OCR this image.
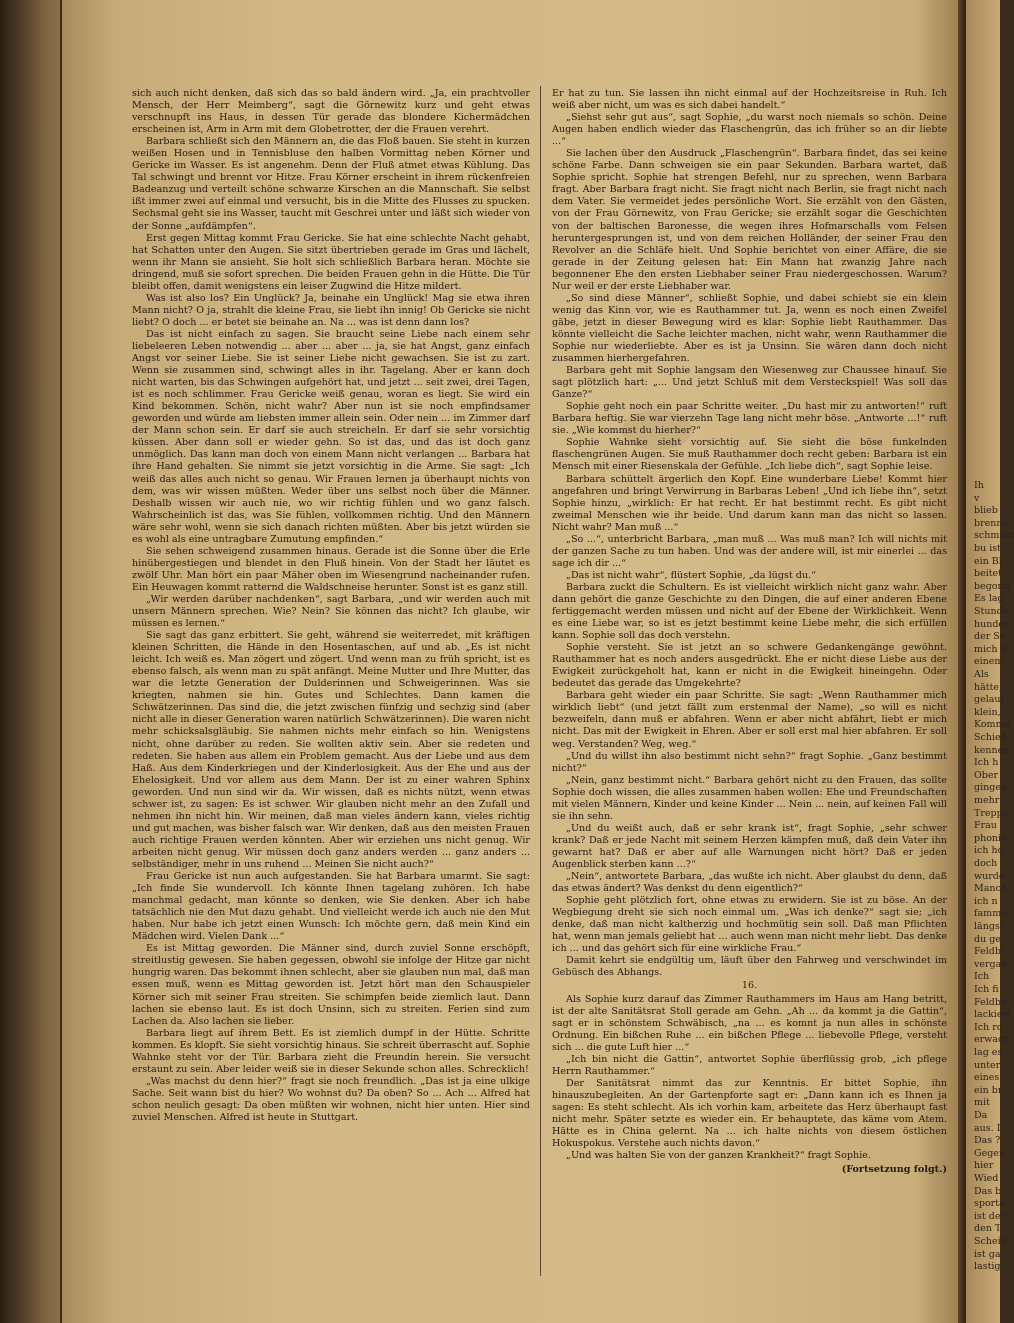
sich auch nicht denken, daß sich das so bald ändern wird. „Ja, ein prachtvoller Mensch, der Herr Meimberg“, sagt die Görnewitz kurz und geht etwas verschnupft ins Haus, in dessen Tür gerade das blondere Kichermädchen erscheinen ist, Arm in Arm mit dem Globetrotter, der die Frauen verehrt.

Barbara schließt sich den Männern an, die das Floß bauen. Sie steht in kurzen weißen Hosen und in Tennisbluse den halben Vormittag neben Körner und Gericke im Wasser. Es ist angenehm. Denn der Fluß atmet etwas Kühlung. Das Tal schwingt und brennt vor Hitze. Frau Körner erscheint in ihrem rückenfreien Badeanzug und verteilt schöne schwarze Kirschen an die Mannschaft. Sie selbst ißt immer zwei auf einmal und versucht, bis in die Mitte des Flusses zu spucken. Sechsmal geht sie ins Wasser, taucht mit Geschrei unter und läßt sich wieder von der Sonne „aufdämpfen“.

Erst gegen Mittag kommt Frau Gericke. Sie hat eine schlechte Nacht gehabt, hat Schatten unter den Augen. Sie sitzt übertrieben gerade im Gras und lächelt, wenn ihr Mann sie ansieht. Sie holt sich schließlich Barbara heran. Möchte sie dringend, muß sie sofort sprechen. Die beiden Frauen gehn in die Hütte. Die Tür bleibt offen, damit wenigstens ein leiser Zugwind die Hitze mildert.

Was ist also los? Ein Unglück? Ja, beinahe ein Unglück! Mag sie etwa ihren Mann nicht? O ja, strahlt die kleine Frau, sie liebt ihn innig! Ob Gericke sie nicht liebt? O doch ... er betet sie beinahe an. Na ... was ist denn dann los?

Das ist nicht einfach zu sagen. Sie braucht seine Liebe nach einem sehr liebeleeren Leben notwendig ... aber ... aber ... ja, sie hat Angst, ganz einfach Angst vor seiner Liebe. Sie ist seiner Liebe nicht gewachsen. Sie ist zu zart. Wenn sie zusammen sind, schwingt alles in ihr. Tagelang. Aber er kann doch nicht warten, bis das Schwingen aufgehört hat, und jetzt ... seit zwei, drei Tagen, ist es noch schlimmer. Frau Gericke weiß genau, woran es liegt. Sie wird ein Kind bekommen. Schön, nicht wahr? Aber nun ist sie noch empfindsamer geworden und würde am liebsten immer allein sein. Oder nein ... im Zimmer darf der Mann schon sein. Er darf sie auch streicheln. Er darf sie sehr vorsichtig küssen. Aber dann soll er wieder gehn. So ist das, und das ist doch ganz unmöglich. Das kann man doch von einem Mann nicht verlangen ... Barbara hat ihre Hand gehalten. Sie nimmt sie jetzt vorsichtig in die Arme. Sie sagt: „Ich weiß das alles auch nicht so genau. Wir Frauen lernen ja überhaupt nichts von dem, was wir wissen müßten. Weder über uns selbst noch über die Männer. Deshalb wissen wir auch nie, wo wir richtig fühlen und wo ganz falsch. Wahrscheinlich ist das, was Sie fühlen, vollkommen richtig. Und den Männern wäre sehr wohl, wenn sie sich danach richten müßten. Aber bis jetzt würden sie es wohl als eine untragbare Zumutung empfinden.“

Sie sehen schweigend zusammen hinaus. Gerade ist die Sonne über die Erle hinübergestiegen und blendet in den Fluß hinein. Von der Stadt her läutet es zwölf Uhr. Man hört ein paar Mäher oben im Wiesengrund nacheinander rufen. Ein Heuwagen kommt ratternd die Waldschneise herunter. Sonst ist es ganz still.

„Wir werden darüber nachdenken“, sagt Barbara, „und wir werden auch mit unsern Männern sprechen. Wie? Nein? Sie können das nicht? Ich glaube, wir müssen es lernen.“

Sie sagt das ganz erbittert. Sie geht, während sie weiterredet, mit kräftigen kleinen Schritten, die Hände in den Hosentaschen, auf und ab. „Es ist nicht leicht. Ich weiß es. Man zögert und zögert. Und wenn man zu früh spricht, ist es ebenso falsch, als wenn man zu spät anfängt. Meine Mutter und Ihre Mutter, das war die letzte Generation der Dulderinnen und Schweigerinnen. Was sie kriegten, nahmen sie hin. Gutes und Schlechtes. Dann kamen die Schwätzerinnen. Das sind die, die jetzt zwischen fünfzig und sechzig sind (aber nicht alle in dieser Generation waren natürlich Schwätzerinnen). Die waren nicht mehr schicksalsgläubig. Sie nahmen nichts mehr einfach so hin. Wenigstens nicht, ohne darüber zu reden. Sie wollten aktiv sein. Aber sie redeten und redeten. Sie haben aus allem ein Problem gemacht. Aus der Liebe und aus dem Haß. Aus dem Kinderkriegen und der Kinderlosigkeit. Aus der Ehe und aus der Ehelosigkeit. Und vor allem aus dem Mann. Der ist zu einer wahren Sphinx geworden. Und nun sind wir da. Wir wissen, daß es nichts nützt, wenn etwas schwer ist, zu sagen: Es ist schwer. Wir glauben nicht mehr an den Zufall und nehmen ihn nicht hin. Wir meinen, daß man vieles ändern kann, vieles richtig und gut machen, was bisher falsch war. Wir denken, daß aus den meisten Frauen auch richtige Frauen werden könnten. Aber wir erziehen uns nicht genug. Wir arbeiten nicht genug. Wir müssen doch ganz anders werden ... ganz anders ... selbständiger, mehr in uns ruhend ... Meinen Sie nicht auch?“

Frau Gericke ist nun auch aufgestanden. Sie hat Barbara umarmt. Sie sagt: „Ich finde Sie wundervoll. Ich könnte Ihnen tagelang zuhören. Ich habe manchmal gedacht, man könnte so denken, wie Sie denken. Aber ich habe tatsächlich nie den Mut dazu gehabt. Und vielleicht werde ich auch nie den Mut haben. Nur habe ich jetzt einen Wunsch: Ich möchte gern, daß mein Kind ein Mädchen wird. Vielen Dank ...“

Es ist Mittag geworden. Die Männer sind, durch zuviel Sonne erschöpft, streitlustig gewesen. Sie haben gegessen, obwohl sie infolge der Hitze gar nicht hungrig waren. Das bekommt ihnen schlecht, aber sie glauben nun mal, daß man essen muß, wenn es Mittag geworden ist. Jetzt hört man den Schauspieler Körner sich mit seiner Frau streiten. Sie schimpfen beide ziemlich laut. Dann lachen sie ebenso laut. Es ist doch Unsinn, sich zu streiten. Ferien sind zum Lachen da. Also lachen sie lieber.

Barbara liegt auf ihrem Bett. Es ist ziemlich dumpf in der Hütte. Schritte kommen. Es klopft. Sie sieht vorsichtig hinaus. Sie schreit überrascht auf. Sophie Wahnke steht vor der Tür. Barbara zieht die Freundin herein. Sie versucht erstaunt zu sein. Aber leider weiß sie in dieser Sekunde schon alles. Schrecklich!

„Was machst du denn hier?“ fragt sie noch freundlich. „Das ist ja eine ulkige Sache. Seit wann bist du hier? Wo wohnst du? Da oben? So ... Ach ... Alfred hat schon neulich gesagt: Da oben müßten wir wohnen, nicht hier unten. Hier sind zuviel Menschen. Alfred ist heute in Stuttgart.

Er hat zu tun. Sie lassen ihn nicht einmal auf der Hochzeitsreise in Ruh. Ich weiß aber nicht, um was es sich dabei handelt.“

„Siehst sehr gut aus“, sagt Sophie, „du warst noch niemals so schön. Deine Augen haben endlich wieder das Flaschengrün, das ich früher so an dir liebte ...“

Sie lachen über den Ausdruck „Flaschengrün“. Barbara findet, das sei keine schöne Farbe. Dann schweigen sie ein paar Sekunden. Barbara wartet, daß Sophie spricht. Sophie hat strengen Befehl, nur zu sprechen, wenn Barbara fragt. Aber Barbara fragt nicht. Sie fragt nicht nach Berlin, sie fragt nicht nach dem Vater. Sie vermeidet jedes persönliche Wort. Sie erzählt von den Gästen, von der Frau Görnewitz, von Frau Gericke; sie erzählt sogar die Geschichten von der baltischen Baronesse, die wegen ihres Hofmarschalls vom Felsen heruntergesprungen ist, und von dem reichen Holländer, der seiner Frau den Revolver an die Schläfe hielt. Und Sophie berichtet von einer Affäre, die sie gerade in der Zeitung gelesen hat: Ein Mann hat zwanzig Jahre nach begonnener Ehe den ersten Liebhaber seiner Frau niedergeschossen. Warum? Nur weil er der erste Liebhaber war.

„So sind diese Männer“, schließt Sophie, und dabei schiebt sie ein klein wenig das Kinn vor, wie es Rauthammer tut. Ja, wenn es noch einen Zweifel gäbe, jetzt in dieser Bewegung wird es klar: Sophie liebt Rauthammer. Das könnte vielleicht die Sache leichter machen, nicht wahr, wenn Rauthammer die Sophie nur wiederliebte. Aber es ist ja Unsinn. Sie wären dann doch nicht zusammen hierhergefahren.

Barbara geht mit Sophie langsam den Wiesenweg zur Chaussee hinauf. Sie sagt plötzlich hart: „... Und jetzt Schluß mit dem Versteckspiel! Was soll das Ganze?“

Sophie geht noch ein paar Schritte weiter. „Du hast mir zu antworten!“ ruft Barbara heftig. Sie war vierzehn Tage lang nicht mehr böse. „Antworte ...!“ ruft sie. „Wie kommst du hierher?“

Sophie Wahnke sieht vorsichtig auf. Sie sieht die böse funkelnden flaschengrünen Augen. Sie muß Rauthammer doch recht geben: Barbara ist ein Mensch mit einer Riesenskala der Gefühle. „Ich liebe dich“, sagt Sophie leise.

Barbara schüttelt ärgerlich den Kopf. Eine wunderbare Liebe! Kommt hier angefahren und bringt Verwirrung in Barbaras Leben! „Und ich liebe ihn“, setzt Sophie hinzu, „wirklich: Er hat recht. Er hat bestimmt recht. Es gibt nicht zweimal Menschen wie ihr beide. Und darum kann man das nicht so lassen. Nicht wahr? Man muß ...“

„So ...“, unterbricht Barbara, „man muß ... Was muß man? Ich will nichts mit der ganzen Sache zu tun haben. Und was der andere will, ist mir einerlei ... das sage ich dir ...“

„Das ist nicht wahr“, flüstert Sophie, „da lügst du.“

Barbara zuckt die Schultern. Es ist vielleicht wirklich nicht ganz wahr. Aber dann gehört die ganze Geschichte zu den Dingen, die auf einer anderen Ebene fertiggemacht werden müssen und nicht auf der Ebene der Wirklichkeit. Wenn es eine Liebe war, so ist es jetzt bestimmt keine Liebe mehr, die sich erfüllen kann. Sophie soll das doch verstehn.

Sophie versteht. Sie ist jetzt an so schwere Gedankengänge gewöhnt. Rauthammer hat es noch anders ausgedrückt. Ehe er nicht diese Liebe aus der Ewigkeit zurückgeholt hat, kann er nicht in die Ewigkeit hineingehn. Oder bedeutet das gerade das Umgekehrte?

Barbara geht wieder ein paar Schritte. Sie sagt: „Wenn Rauthammer mich wirklich liebt“ (und jetzt fällt zum erstenmal der Name), „so will es nicht bezweifeln, dann muß er abfahren. Wenn er aber nicht abfährt, liebt er mich nicht. Das mit der Ewigkeit in Ehren. Aber er soll erst mal hier abfahren. Er soll weg. Verstanden? Weg, weg.“

„Und du willst ihn also bestimmt nicht sehn?“ fragt Sophie. „Ganz bestimmt nicht?“

„Nein, ganz bestimmt nicht.“ Barbara gehört nicht zu den Frauen, das sollte Sophie doch wissen, die alles zusammen haben wollen: Ehe und Freundschaften mit vielen Männern, Kinder und keine Kinder ... Nein ... nein, auf keinen Fall will sie ihn sehn.

„Und du weißt auch, daß er sehr krank ist“, fragt Sophie, „sehr schwer krank? Daß er jede Nacht mit seinem Herzen kämpfen muß, daß dein Vater ihn gewarnt hat? Daß er aber auf alle Warnungen nicht hört? Daß er jeden Augenblick sterben kann ...?“

„Nein“, antwortete Barbara, „das wußte ich nicht. Aber glaubst du denn, daß das etwas ändert? Was denkst du denn eigentlich?“

Sophie geht plötzlich fort, ohne etwas zu erwidern. Sie ist zu böse. An der Wegbiegung dreht sie sich noch einmal um. „Was ich denke?“ sagt sie; „ich denke, daß man nicht kaltherzig und hochmütig sein soll. Daß man Pflichten hat, wenn man jemals geliebt hat ... auch wenn man nicht mehr liebt. Das denke ich ... und das gehört sich für eine wirkliche Frau.“

Damit kehrt sie endgültig um, läuft über den Fahrweg und verschwindet im Gebüsch des Abhangs.

16.

Als Sophie kurz darauf das Zimmer Rauthammers im Haus am Hang betritt, ist der alte Sanitätsrat Stoll gerade am Gehn. „Ah ... da kommt ja die Gattin“, sagt er in schönstem Schwäbisch, „na ... es komnt ja nun alles in schönste Ordnung. Ein bißchen Ruhe ... ein bißchen Pflege ... liebevolle Pflege, versteht sich ... die gute Luft hier ...“

„Ich bin nicht die Gattin“, antwortet Sophie überflüssig grob, „ich pflege Herrn Rauthammer.“

Der Sanitätsrat nimmt das zur Kenntnis. Er bittet Sophie, ihn hinauszubegleiten. An der Gartenpforte sagt er: „Dann kann ich es Ihnen ja sagen: Es steht schlecht. Als ich vorhin kam, arbeitete das Herz überhaupt fast nicht mehr. Später setzte es wieder ein. Er behauptete, das käme vom Atem. Hätte es in China gelernt. Na ... ich halte nichts von diesem östlichen Hokuspokus. Verstehe auch nichts davon.“

„Und was halten Sie von der ganzen Krankheit?“ fragt Sophie.

(Fortsetzung folgt.)

Ih
v
blieb
brenne
schmutz
bu ist
ein Bl
beitet
begonn
Es lag
Stunde
hunder
der Se
mich n
einem
Als
hätte,
gelauf
klein,
Komme
Schieß
kennen
Ich h
Ober
gingen
mehr
Treppe
Frau
phonie
ich ho
doch
wurde
Manch
ich n
famme
längst
du ge
Feldbi
vergan
Ich
Ich fi
Feldbe
lackiert
Ich ro
erwach
lag es
unter
eines
ein br
mit
Da
aus. I
Das ?
Gegen
hier
Wied
Das b
sporta
ist der
den T
Schein
ist ga
lastig
